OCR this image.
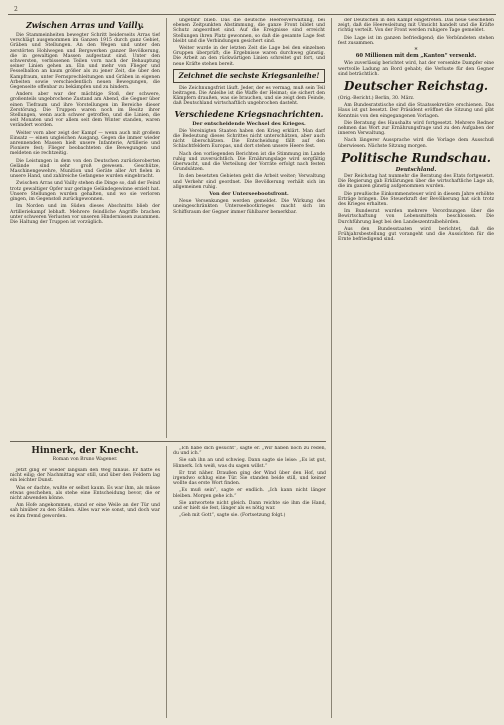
2
Zwischen Arras und Vailly.

Die Stammeinheiten bewegter Schritt beiderseits Arras tief verschlägt ausgenommen im Ganzen 1915 durch ganz Gebiet, Gräben und Stellungen. An den Wegen und unter den zerstörten Hohlwegen und Bergwerken ganzer Bevölkerung, die in gewaltigen Massen aufgestaut sind. Unter den schwersten, verbissenen Teilen vorn nach der Behauptung seiner Linien gehen an. Ein und mehr von Flieger und Fesselballon an kaum größer als zu jener Zeit, die über den Kampfraum, unter Fernsprechleitungen und Gräben in eigenen Arbeiten sowie verschiedentlich neuen Bewegungen, die Gegenseite offenbar zu bekämpfen und zu hindern.

Anders aber war der mächtige Stoß, der schwere, großenteils ungebrochene Zustand am Abend, die Gegner über einen Tiefraum und ihre Vorstellungen im Bereiche dieser Zerstörung. Die Truppen waren noch im Besitz ihrer Stellungen, wenn auch schwer getroffen, und die Linien, die seit Monaten und vor allem seit dem Winter standen, waren verändert worden.

Weiter vorn aber zeigt der Kampf — wenn auch mit großem Einsatz — einen ungleichen Ausgang. Gegen die immer wieder anrennenden Massen hielt unsere Infanterie, Artillerie und Pioniere fest; Flieger beobachteten die Bewegungen und meldeten sie rechtzeitig.

Die Leistungen in dem von den Deutschen zurückeroberten Gelände sind sehr groß gewesen. Geschütze, Maschinengewehre, Munition und Geräte aller Art fielen in unsere Hand, und zahlreiche Gefangene wurden eingebracht.

Zwischen Arras und Vailly stehen die Dinge so, daß der Feind trotz gewaltiger Opfer nur geringe Geländegewinne erzielt hat. Unsere Stellungen wurden gehalten, und wo sie verloren gingen, im Gegenstoß zurückgewonnen.

Im Norden und im Süden dieses Abschnitts blieb der Artilleriekampf lebhaft. Mehrere feindliche Angriffe brachen unter schweren Verlusten vor unseren Hindernissen zusammen. Die Haltung der Truppen ist vorzüglich.

ungefähr blieb. Das die deutsche Heeresverwaltung, bei ebenen Zeitpunkten Abstimmung, die ganze Front bildet und Schutz angeordnet sind. Auf die Ereignisse sind erreicht Stellungen ihren Platz gewonnen, so daß die gesamte Lage fest bleibt und die Verbindungen gesichert sind.

Weiter wurde in der letzten Zeit die Lage bei den einzelnen Gruppen überprüft; die Ergebnisse waren durchweg günstig. Die Arbeit an den rückwärtigen Linien schreitet gut fort, und neue Kräfte stehen bereit.

Zeichnet die sechste Kriegsanleihe!

Die Zeichnungsfrist läuft. Jeder, der es vermag, muß sein Teil beitragen. Die Anleihe ist die Waffe der Heimat; sie sichert den Kämpfern draußen, was sie brauchen, und sie zeigt dem Feinde, daß Deutschland wirtschaftlich ungebrochen dasteht.

Verschiedene Kriegsnachrichten.
Der entscheidende Wechsel des Krieges.

Die Vereinigten Staaten haben den Krieg erklärt. Man darf die Bedeutung dieses Schrittes nicht unterschätzen, aber auch nicht überschätzen. Die Entscheidung fällt auf den Schlachtfeldern Europas, und dort stehen unsere Heere fest.

Nach den vorliegenden Berichten ist die Stimmung im Lande ruhig und zuversichtlich. Die Ernährungslage wird sorgfältig überwacht, und die Verteilung der Vorräte erfolgt nach festen Grundsätzen.

In den besetzten Gebieten geht die Arbeit weiter; Verwaltung und Verkehr sind geordnet. Die Bevölkerung verhält sich im allgemeinen ruhig.

Von der Unterseebootsfront.

Neue Versenkungen werden gemeldet. Die Wirkung des uneingeschränkten Unterseebootkrieges macht sich im Schiffsraum der Gegner immer fühlbarer bemerkbar.

der Deutschen in den Kampf eingetreten. Das neue Geschehen zeigt, daß die Heeresleitung mit Umsicht handelt und die Kräfte richtig verteilt. Von der Front werden ruhigere Tage gemeldet.

Die Lage ist im ganzen befriedigend; die Verbündeten stehen fest zusammen.

*
60 Millionen mit dem „Kanton“ versenkt.

Wie zuverlässig berichtet wird, hat der versenkte Dampfer eine wertvolle Ladung an Bord gehabt; die Verluste für den Gegner sind beträchtlich.

Deutscher Reichstag.
(Orig.-Bericht.) Berlin, 30. März.

Am Bundesratstische sind die Staatssekretäre erschienen. Das Haus ist gut besetzt. Der Präsident eröffnet die Sitzung und gibt Kenntnis von den eingegangenen Vorlagen.

Die Beratung des Haushalts wird fortgesetzt. Mehrere Redner nehmen das Wort zur Ernährungsfrage und zu den Aufgaben der inneren Verwaltung.

Nach längerer Aussprache wird die Vorlage dem Ausschuß überwiesen. Nächste Sitzung morgen.

Politische Rundschau.
Deutschland.

Der Reichstag hat nunmehr die Beratung des Etats fortgesetzt. Die Regierung gab Erklärungen über die wirtschaftliche Lage ab, die im ganzen günstig aufgenommen wurden.

Die preußische Einkommensteuer wird in diesem Jahre erhöhte Erträge bringen. Die Steuerkraft der Bevölkerung hat sich trotz des Krieges erhalten.

Im Bundesrat wurden mehrere Verordnungen über die Bewirtschaftung von Lebensmitteln beschlossen. Die Durchführung liegt bei den Landeszentralbehörden.

Aus den Bundesstaaten wird berichtet, daß die Frühjahrsbestellung gut vorangeht und die Aussichten für die Ernte befriedigend sind.

Hinnerk, der Knecht.
Roman von Bruno Wagener.

Jetzt ging er wieder langsam den Weg hinaus. Er hatte es nicht eilig; der Nachmittag war still, und über den Feldern lag ein leichter Dunst.

Was er dachte, wußte er selbst kaum. Es war ihm, als müsse etwas geschehen, als stehe eine Entscheidung bevor, die er nicht abwenden könne.

Am Hofe angekommen, stand er eine Weile an der Tür und sah hinüber zu den Ställen. Alles war wie sonst, und doch war es ihm fremd geworden.

„Ich habe dich gesucht“, sagte er. „Wir haben noch zu reden, du und ich.“

Sie sah ihn an und schwieg. Dann sagte sie leise: „Es ist gut, Hinnerk. Ich weiß, was du sagen willst.“

Er trat näher. Draußen ging der Wind über den Hof, und irgendwo schlug eine Tür. Sie standen beide still, und keiner wollte das erste Wort finden.

„Es muß sein“, sagte er endlich. „Ich kann nicht länger bleiben. Morgen gehe ich.“

Sie antwortete nicht gleich. Dann reichte sie ihm die Hand, und er hielt sie fest, länger als es nötig war.

„Geh mit Gott“, sagte sie. (Fortsetzung folgt.)
